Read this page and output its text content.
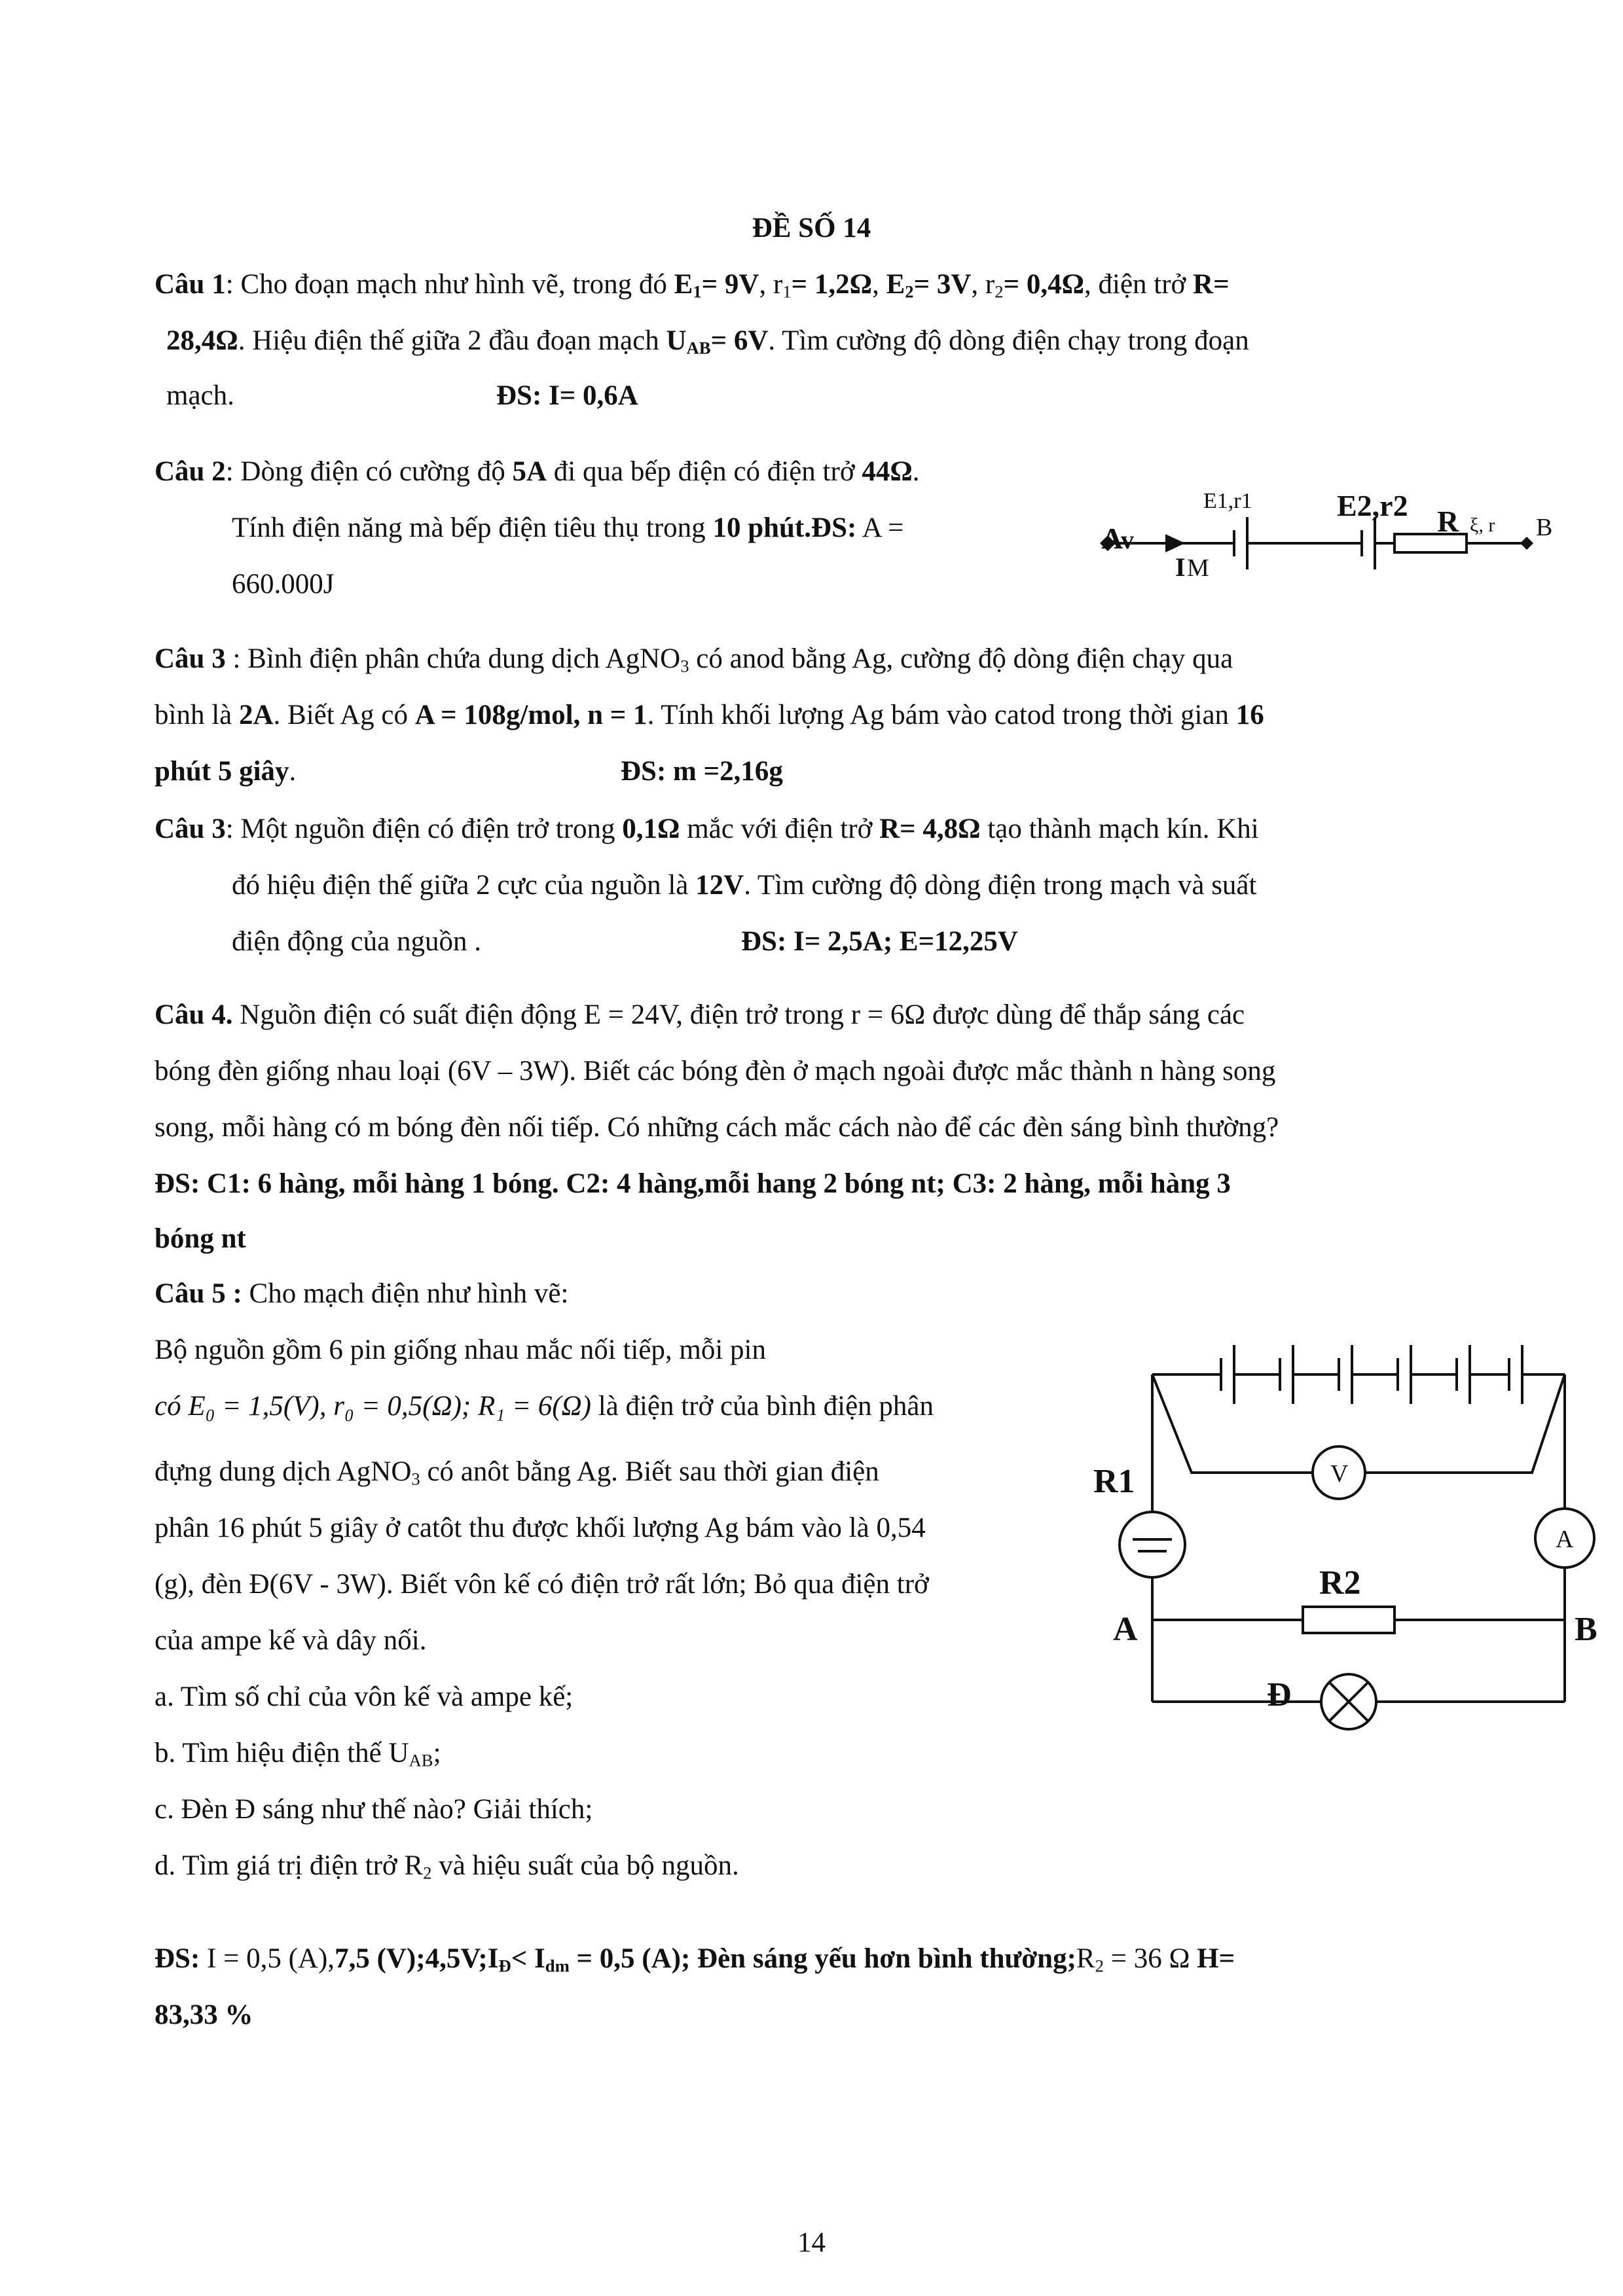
ĐỀ SỐ 14
Câu 1: Cho đoạn mạch như hình vẽ, trong đó $E_1= 9V$, $r_1= 1,2\Omega$, $E_2= 3V$, $r_2= 0,4\Omega$, điện trở R=
28,4Ω. Hiệu điện thế giữa 2 đầu đoạn mạch $U_{AB}= 6V$. Tìm cường độ dòng điện chạy trong đoạn
mạch.	ĐS: I= 0,6A
Câu 2: Dòng điện có cường độ 5A đi qua bếp điện có điện trở 44Ω.
Tính điện năng mà bếp điện tiêu thụ trong 10 phút.ĐS: A =
660.000J
A
v
I M
E1,r1	E2,r2 R ξ, r B
Câu 3 : Bình điện phân chứa dung dịch AgNO$_3$ có anod bằng Ag, cường độ dòng điện chạy qua
bình là 2A. Biết Ag có A = 108g/mol, n = 1. Tính khối lượng Ag bám vào catod trong thời gian 16
phút 5 giây.	ĐS: m =2,16g
Câu 3: Một nguồn điện có điện trở trong 0,1Ω mắc với điện trở R= 4,8Ω tạo thành mạch kín. Khi
đó hiệu điện thế giữa 2 cực của nguồn là 12V. Tìm cường độ dòng điện trong mạch và suất
điện động của nguồn .	ĐS: I= 2,5A; E=12,25V
Câu 4. Nguồn điện có suất điện động E = 24V, điện trở trong r = 6Ω được dùng để thắp sáng các
bóng đèn giống nhau loại (6V – 3W). Biết các bóng đèn ở mạch ngoài được mắc thành n hàng song
song, mỗi hàng có m bóng đèn nối tiếp. Có những cách mắc cách nào để các đèn sáng bình thường?
ĐS: C1: 6 hàng, mỗi hàng 1 bóng. C2: 4 hàng,mỗi hang 2 bóng nt; C3: 2 hàng, mỗi hàng 3
bóng nt
Câu 5 : Cho mạch điện như hình vẽ:
Bộ nguồn gồm 6 pin giống nhau mắc nối tiếp, mỗi pin
có E₀ = 1,5(V), r₀ = 0,5(Ω); R₁ = 6(Ω) là điện trở của bình điện phân
đựng dung dịch AgNO$_3$ có anôt bằng Ag. Biết sau thời gian điện
phân 16 phút 5 giây ở catôt thu được khối lượng Ag bám vào là 0,54
(g), đèn Đ(6V - 3W). Biết vôn kế có điện trở rất lớn; Bỏ qua điện trở
của ampe kế và dây nối.
a. Tìm số chỉ của vôn kế và ampe kế;
b. Tìm hiệu điện thế $U_{AB}$;
c. Đèn Đ sáng như thế nào? Giải thích;
d. Tìm giá trị điện trở $R_2$ và hiệu suất của bộ nguồn.
ĐS: I = 0,5 (A),7,5 $(V);4,5V;I_Đ< I_{dm} = 0,5$ (A); Đèn sáng yếu hơn bình $thường;R_2 = 36$ Ω H=
83,33 %
V
R1
A
R2
A	B
Đ
14
